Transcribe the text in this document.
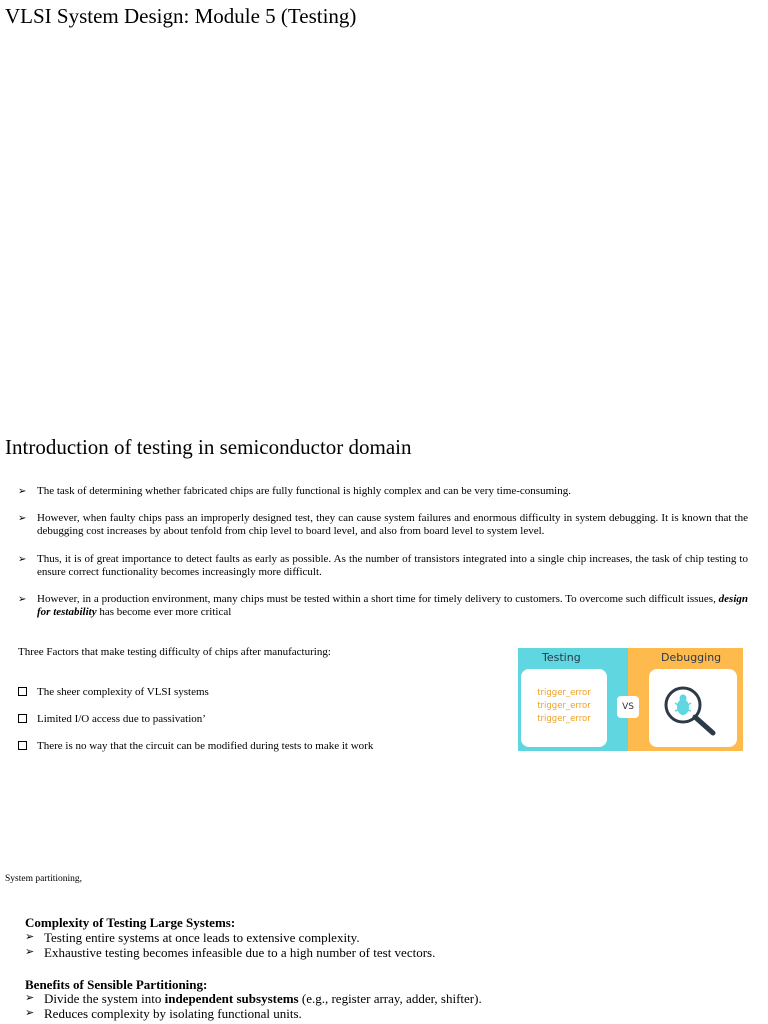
VLSI System Design: Module 5 (Testing)
Introduction of testing in semiconductor domain
➢ The task of determining whether fabricated chips are fully functional is highly complex and can be very time-consuming.
➢ However, when faulty chips pass an improperly designed test, they can cause system failures and enormous difficulty in system debugging. It is known that the debugging cost increases by about tenfold from chip level to board level, and also from board level to system level.
➢ Thus, it is of great importance to detect faults as early as possible. As the number of transistors integrated into a single chip increases, the task of chip testing to ensure correct functionality becomes increasingly more difficult.
➢ However, in a production environment, many chips must be tested within a short time for timely delivery to customers. To overcome such difficult issues, design for testability has become ever more critical
Three Factors that make testing difficulty of chips after manufacturing:
The sheer complexity of VLSI systems
Limited I/O access due to passivation’
There is no way that the circuit can be modified during tests to make it work
Testing
trigger_error
trigger_error
trigger_error
Debugging
VS
System partitioning,
Complexity of Testing Large Systems:
➢ Testing entire systems at once leads to extensive complexity.
➢ Exhaustive testing becomes infeasible due to a high number of test vectors.
Benefits of Sensible Partitioning:
➢ Divide the system into independent subsystems (e.g., register array, adder, shifter).
➢ Reduces complexity by isolating functional units.
